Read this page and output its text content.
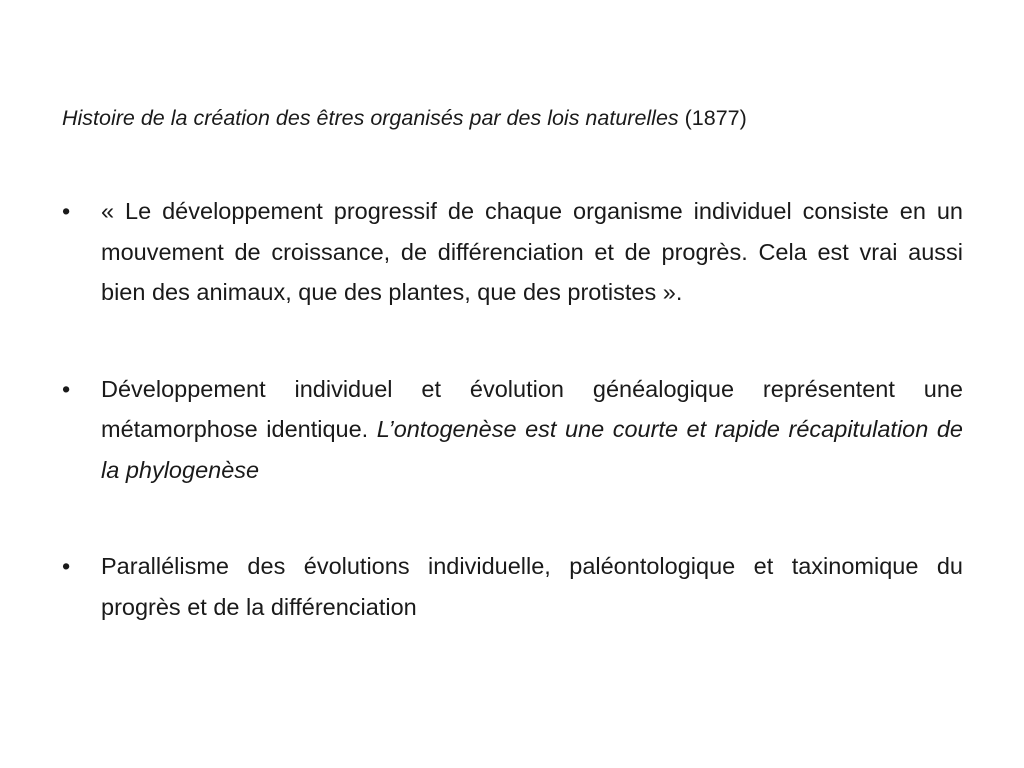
Histoire de la création des êtres organisés par des lois naturelles (1877)
•	« Le développement progressif de chaque organisme individuel consiste en un mouvement de croissance, de différenciation et de progrès. Cela est vrai aussi bien des animaux, que des plantes, que des protistes ».
•	Développement individuel et évolution généalogique représentent une métamorphose identique. L’ontogenèse est une courte et rapide récapitulation de la phylogenèse
•	Parallélisme des évolutions individuelle, paléontologique et taxinomique du progrès et de la différenciation
